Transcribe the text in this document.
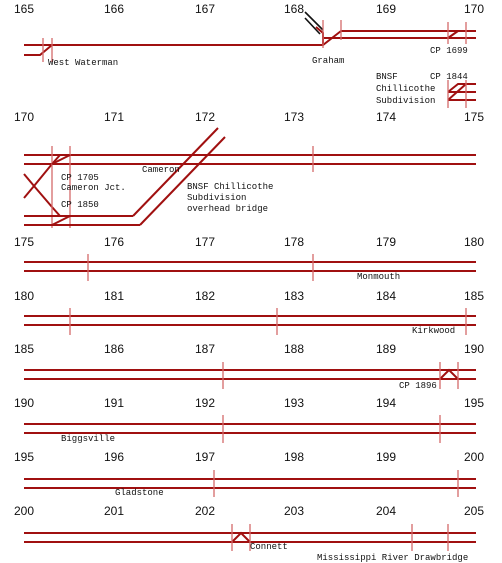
165	166	167	168	169	170
West Waterman	Graham
CP 1699
BNSF
Chillicothe
Subdivision
CP 1844
170	171	172	173	174	175
CP 1705
Cameron Jct.
CP 1850
Cameron
BNSF Chillicothe
Subdivision
overhead bridge
175	176	177	178	179	180
Monmouth
180	181	182	183	184	185
Kirkwood
185	186	187	188	189	190
CP 1896
190	191	192	193	194	195
Biggsville
195	196	197	198	199	200
Gladstone
200	201	202	203	204	205
Connett
Mississippi River Drawbridge
